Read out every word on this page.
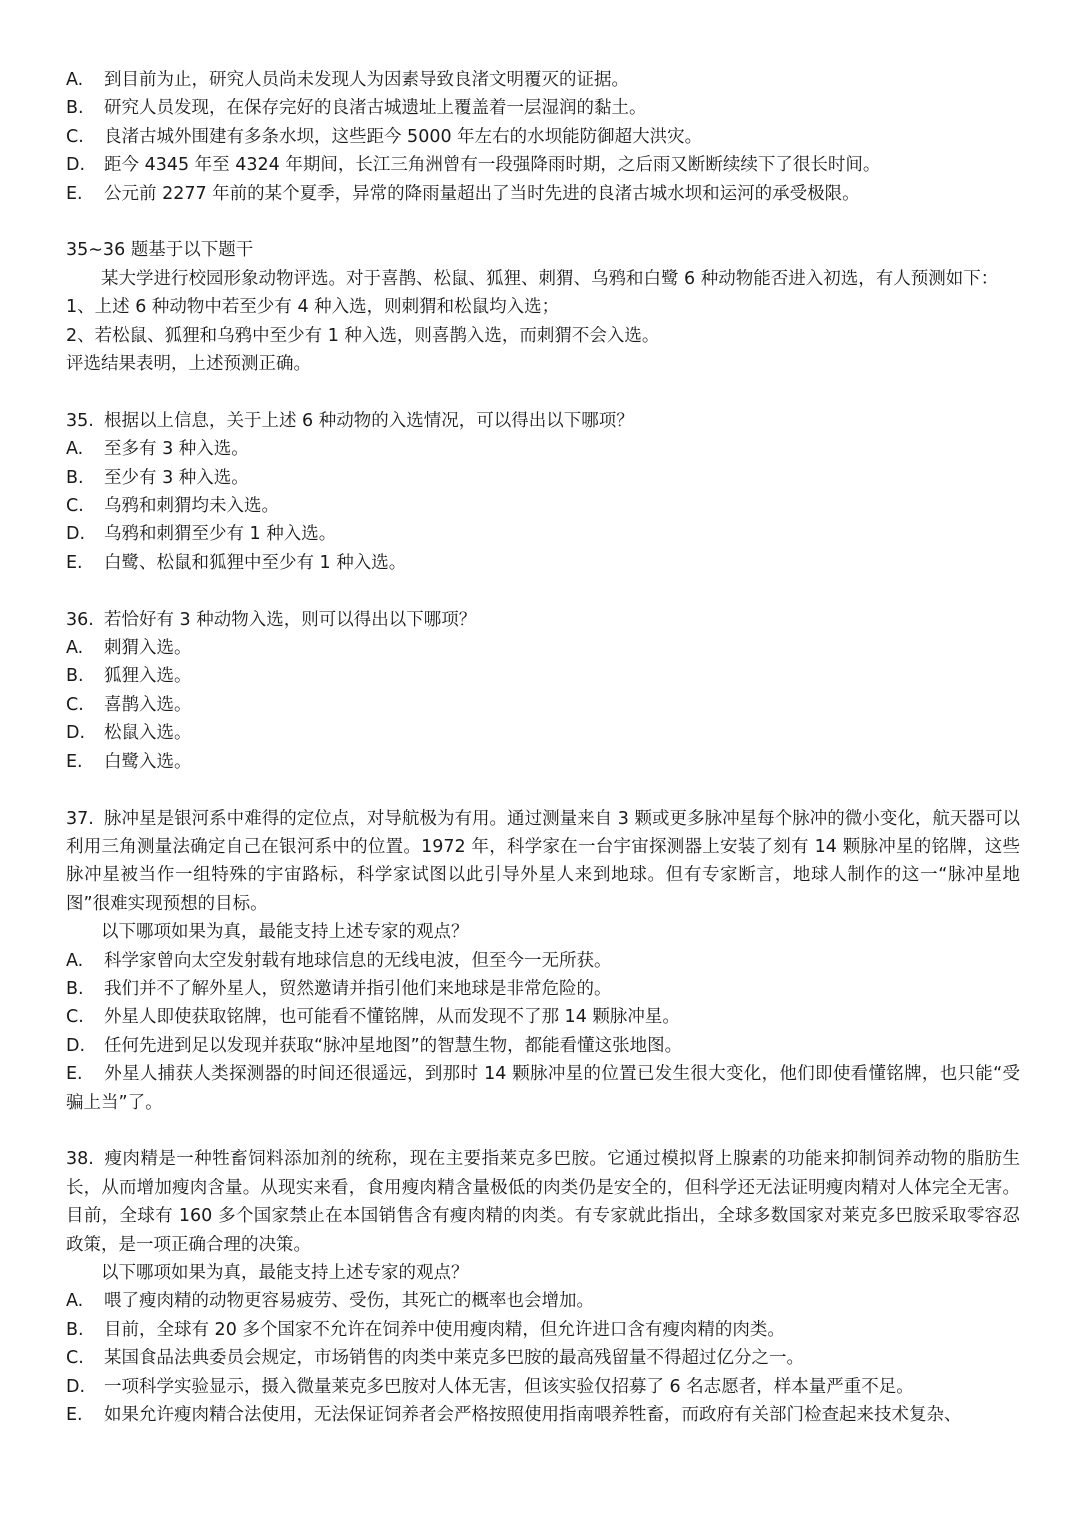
A. 到目前为止，研究人员尚未发现人为因素导致良渚文明覆灭的证据。
B. 研究人员发现，在保存完好的良渚古城遗址上覆盖着一层湿润的黏土。
C. 良渚古城外围建有多条水坝，这些距今 5000 年左右的水坝能防御超大洪灾。
D. 距今 4345 年至 4324 年期间，长江三角洲曾有一段强降雨时期，之后雨又断断续续下了很长时间。
E. 公元前 2277 年前的某个夏季，异常的降雨量超出了当时先进的良渚古城水坝和运河的承受极限。
35∼36 题基于以下题干
某大学进行校园形象动物评选。对于喜鹊、松鼠、狐狸、刺猬、乌鸦和白鹭 6 种动物能否进入初选，有人预测如下：
1、上述 6 种动物中若至少有 4 种入选，则刺猬和松鼠均入选；
2、若松鼠、狐狸和乌鸦中至少有 1 种入选，则喜鹊入选，而刺猬不会入选。
评选结果表明，上述预测正确。
35. 根据以上信息，关于上述 6 种动物的入选情况，可以得出以下哪项？
A. 至多有 3 种入选。
B. 至少有 3 种入选。
C. 乌鸦和刺猬均未入选。
D. 乌鸦和刺猬至少有 1 种入选。
E. 白鹭、松鼠和狐狸中至少有 1 种入选。
36. 若恰好有 3 种动物入选，则可以得出以下哪项？
A. 刺猬入选。
B. 狐狸入选。
C. 喜鹊入选。
D. 松鼠入选。
E. 白鹭入选。
37. 脉冲星是银河系中难得的定位点，对导航极为有用。通过测量来自 3 颗或更多脉冲星每个脉冲的微小变化，航天器可以利用三角测量法确定自己在银河系中的位置。1972 年，科学家在一台宇宙探测器上安装了刻有 14 颗脉冲星的铭牌，这些脉冲星被当作一组特殊的宇宙路标，科学家试图以此引导外星人来到地球。但有专家断言，地球人制作的这一“脉冲星地图”很难实现预想的目标。
以下哪项如果为真，最能支持上述专家的观点？
A. 科学家曾向太空发射载有地球信息的无线电波，但至今一无所获。
B. 我们并不了解外星人，贸然邀请并指引他们来地球是非常危险的。
C. 外星人即使获取铭牌，也可能看不懂铭牌，从而发现不了那 14 颗脉冲星。
D. 任何先进到足以发现并获取“脉冲星地图”的智慧生物，都能看懂这张地图。
E. 外星人捕获人类探测器的时间还很遥远，到那时 14 颗脉冲星的位置已发生很大变化，他们即使看懂铭牌，也只能“受骗上当”了。
38. 瘦肉精是一种牲畜饲料添加剂的统称，现在主要指莱克多巴胺。它通过模拟肾上腺素的功能来抑制饲养动物的脂肪生长，从而增加瘦肉含量。从现实来看，食用瘦肉精含量极低的肉类仍是安全的，但科学还无法证明瘦肉精对人体完全无害。目前，全球有 160 多个国家禁止在本国销售含有瘦肉精的肉类。有专家就此指出，全球多数国家对莱克多巴胺采取零容忍政策，是一项正确合理的决策。
以下哪项如果为真，最能支持上述专家的观点？
A. 喂了瘦肉精的动物更容易疲劳、受伤，其死亡的概率也会增加。
B. 目前，全球有 20 多个国家不允许在饲养中使用瘦肉精，但允许进口含有瘦肉精的肉类。
C. 某国食品法典委员会规定，市场销售的肉类中莱克多巴胺的最高残留量不得超过亿分之一。
D. 一项科学实验显示，摄入微量莱克多巴胺对人体无害，但该实验仅招募了 6 名志愿者，样本量严重不足。
E. 如果允许瘦肉精合法使用，无法保证饲养者会严格按照使用指南喂养牲畜，而政府有关部门检查起来技术复杂、
